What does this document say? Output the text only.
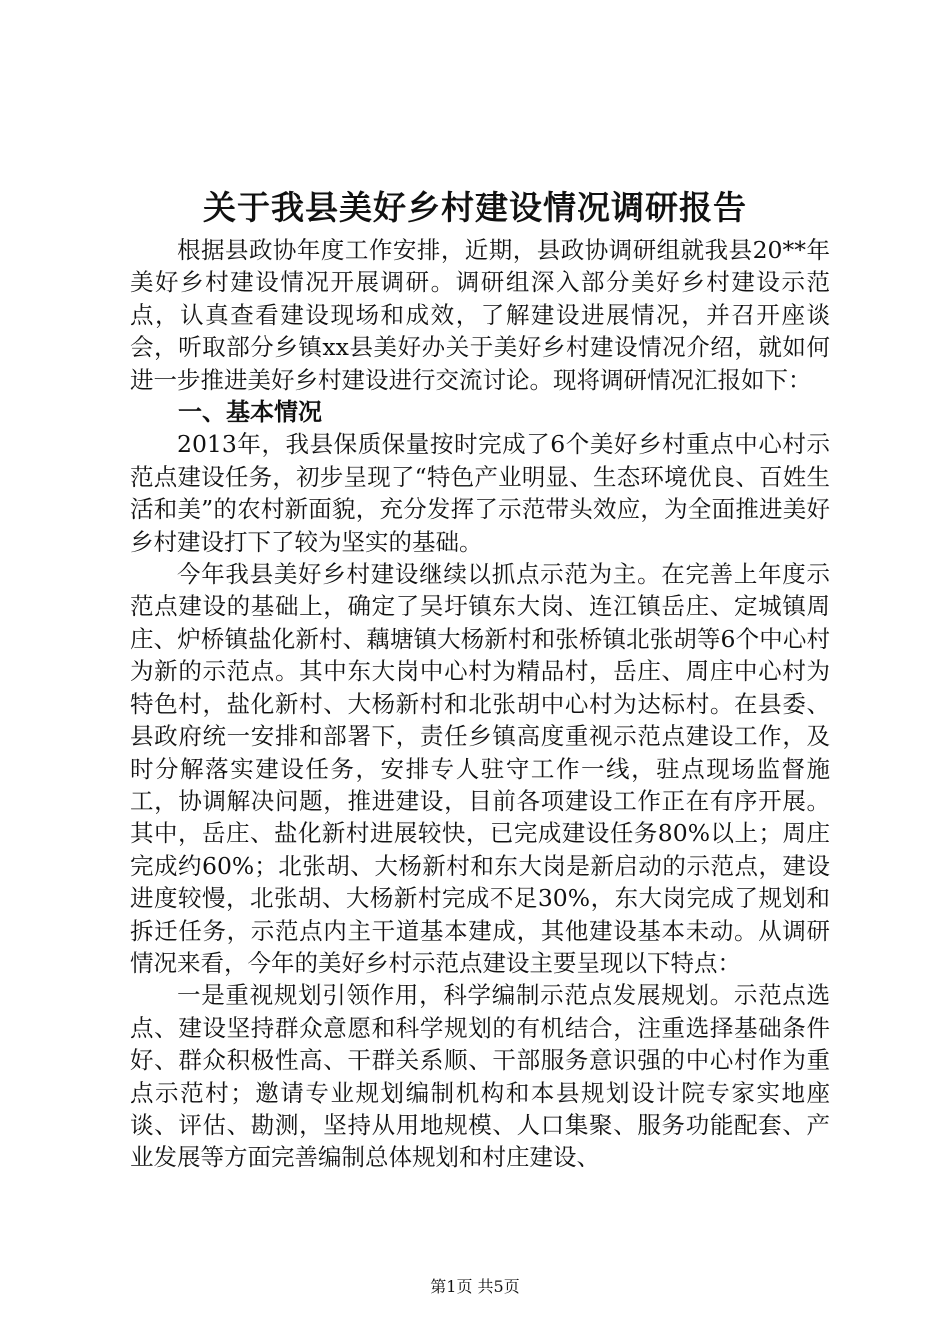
关于我县美好乡村建设情况调研报告

根据县政协年度工作安排，近期，县政协调研组就我县20**年美好乡村建设情况开展调研。调研组深入部分美好乡村建设示范点，认真查看建设现场和成效，了解建设进展情况，并召开座谈会，听取部分乡镇xx县美好办关于美好乡村建设情况介绍，就如何进一步推进美好乡村建设进行交流讨论。现将调研情况汇报如下：

一、基本情况

2013年，我县保质保量按时完成了6个美好乡村重点中心村示范点建设任务，初步呈现了“特色产业明显、生态环境优良、百姓生活和美”的农村新面貌，充分发挥了示范带头效应，为全面推进美好乡村建设打下了较为坚实的基础。

今年我县美好乡村建设继续以抓点示范为主。在完善上年度示范点建设的基础上，确定了吴圩镇东大岗、连江镇岳庄、定城镇周庄、炉桥镇盐化新村、藕塘镇大杨新村和张桥镇北张胡等6个中心村为新的示范点。其中东大岗中心村为精品村，岳庄、周庄中心村为特色村，盐化新村、大杨新村和北张胡中心村为达标村。在县委、县政府统一安排和部署下，责任乡镇高度重视示范点建设工作，及时分解落实建设任务，安排专人驻守工作一线，驻点现场监督施工，协调解决问题，推进建设，目前各项建设工作正在有序开展。其中，岳庄、盐化新村进展较快，已完成建设任务80%以上；周庄完成约60%；北张胡、大杨新村和东大岗是新启动的示范点，建设进度较慢，北张胡、大杨新村完成不足30%，东大岗完成了规划和拆迁任务，示范点内主干道基本建成，其他建设基本未动。从调研情况来看，今年的美好乡村示范点建设主要呈现以下特点：

一是重视规划引领作用，科学编制示范点发展规划。示范点选点、建设坚持群众意愿和科学规划的有机结合，注重选择基础条件好、群众积极性高、干群关系顺、干部服务意识强的中心村作为重点示范村；邀请专业规划编制机构和本县规划设计院专家实地座谈、评估、勘测，坚持从用地规模、人口集聚、服务功能配套、产业发展等方面完善编制总体规划和村庄建设、

第1页 共5页
